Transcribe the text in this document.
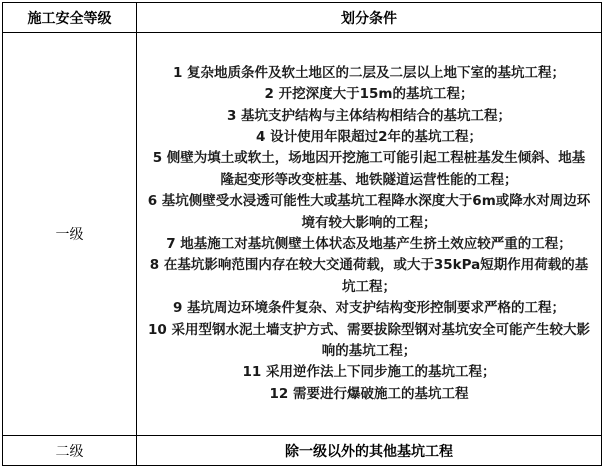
施工安全等级	划分条件
一级
1 复杂地质条件及软土地区的二层及二层以上地下室的基坑工程；
2 开挖深度大于15m的基坑工程；
3 基坑支护结构与主体结构相结合的基坑工程；
4 设计使用年限超过2年的基坑工程；
5 侧壁为填土或软土，场地因开挖施工可能引起工程桩基发生倾斜、地基隆起变形等改变桩基、地铁隧道运营性能的工程；
6 基坑侧壁受水浸透可能性大或基坑工程降水深度大于6m或降水对周边环境有较大影响的工程；
7 地基施工对基坑侧壁土体状态及地基产生挤土效应较严重的工程；
8 在基坑影响范围内存在较大交通荷载，或大于35kPa短期作用荷载的基坑工程；
9 基坑周边环境条件复杂、对支护结构变形控制要求严格的工程；
10 采用型钢水泥土墙支护方式、需要拔除型钢对基坑安全可能产生较大影响的基坑工程；
11 采用逆作法上下同步施工的基坑工程；
12 需要进行爆破施工的基坑工程
二级	除一级以外的其他基坑工程
